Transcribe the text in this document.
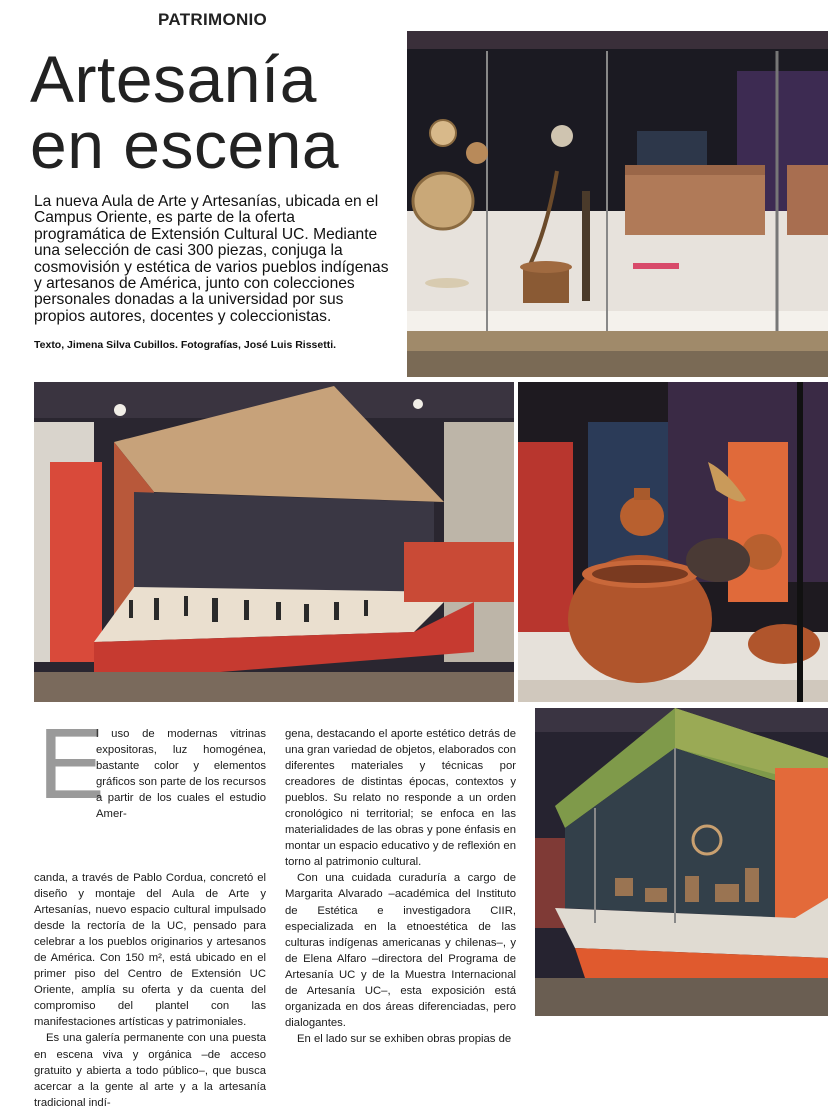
PATRIMONIO
Artesanía
en escena
La nueva Aula de Arte y Artesanías, ubicada en el Campus Oriente, es parte de la oferta programática de Extensión Cultural UC. Mediante una selección de casi 300 piezas, conjuga la cosmovisión y estética de varios pueblos indígenas y artesanos de América, junto con colecciones personales donadas a la universidad por sus propios autores, docentes y coleccionistas.
Texto, Jimena Silva Cubillos. Fotografías, José Luis Rissetti.
E

l uso de modernas vitrinas expositoras, luz homogénea, bastante color y elementos gráficos son parte de los recursos a partir de los cuales el estudio Amer-

canda, a través de Pablo Cordua, concretó el diseño y montaje del Aula de Arte y Artesanías, nuevo espacio cultural impulsado desde la rectoría de la UC, pensado para celebrar a los pueblos originarios y artesanos de América. Con 150 m², está ubicado en el primer piso del Centro de Extensión UC Oriente, amplía su oferta y da cuenta del compromiso del plantel con las manifestaciones artísticas y patrimoniales.

Es una galería permanente con una puesta en escena viva y orgánica –de acceso gratuito y abierta a todo público–, que busca acercar a la gente al arte y a la artesanía tradicional indí-

gena, destacando el aporte estético detrás de una gran variedad de objetos, elaborados con diferentes materiales y técnicas por creadores de distintas épocas, contextos y pueblos. Su relato no responde a un orden cronológico ni territorial; se enfoca en las materialidades de las obras y pone énfasis en montar un espacio educativo y de reflexión en torno al patrimonio cultural.

Con una cuidada curaduría a cargo de Margarita Alvarado –académica del Instituto de Estética e investigadora CIIR, especializada en la etnoestética de las culturas indígenas americanas y chilenas–, y de Elena Alfaro –directora del Programa de Artesanía UC y de la Muestra Internacional de Artesanía UC–, esta exposición está organizada en dos áreas diferenciadas, pero dialogantes.

En el lado sur se exhiben obras propias de
